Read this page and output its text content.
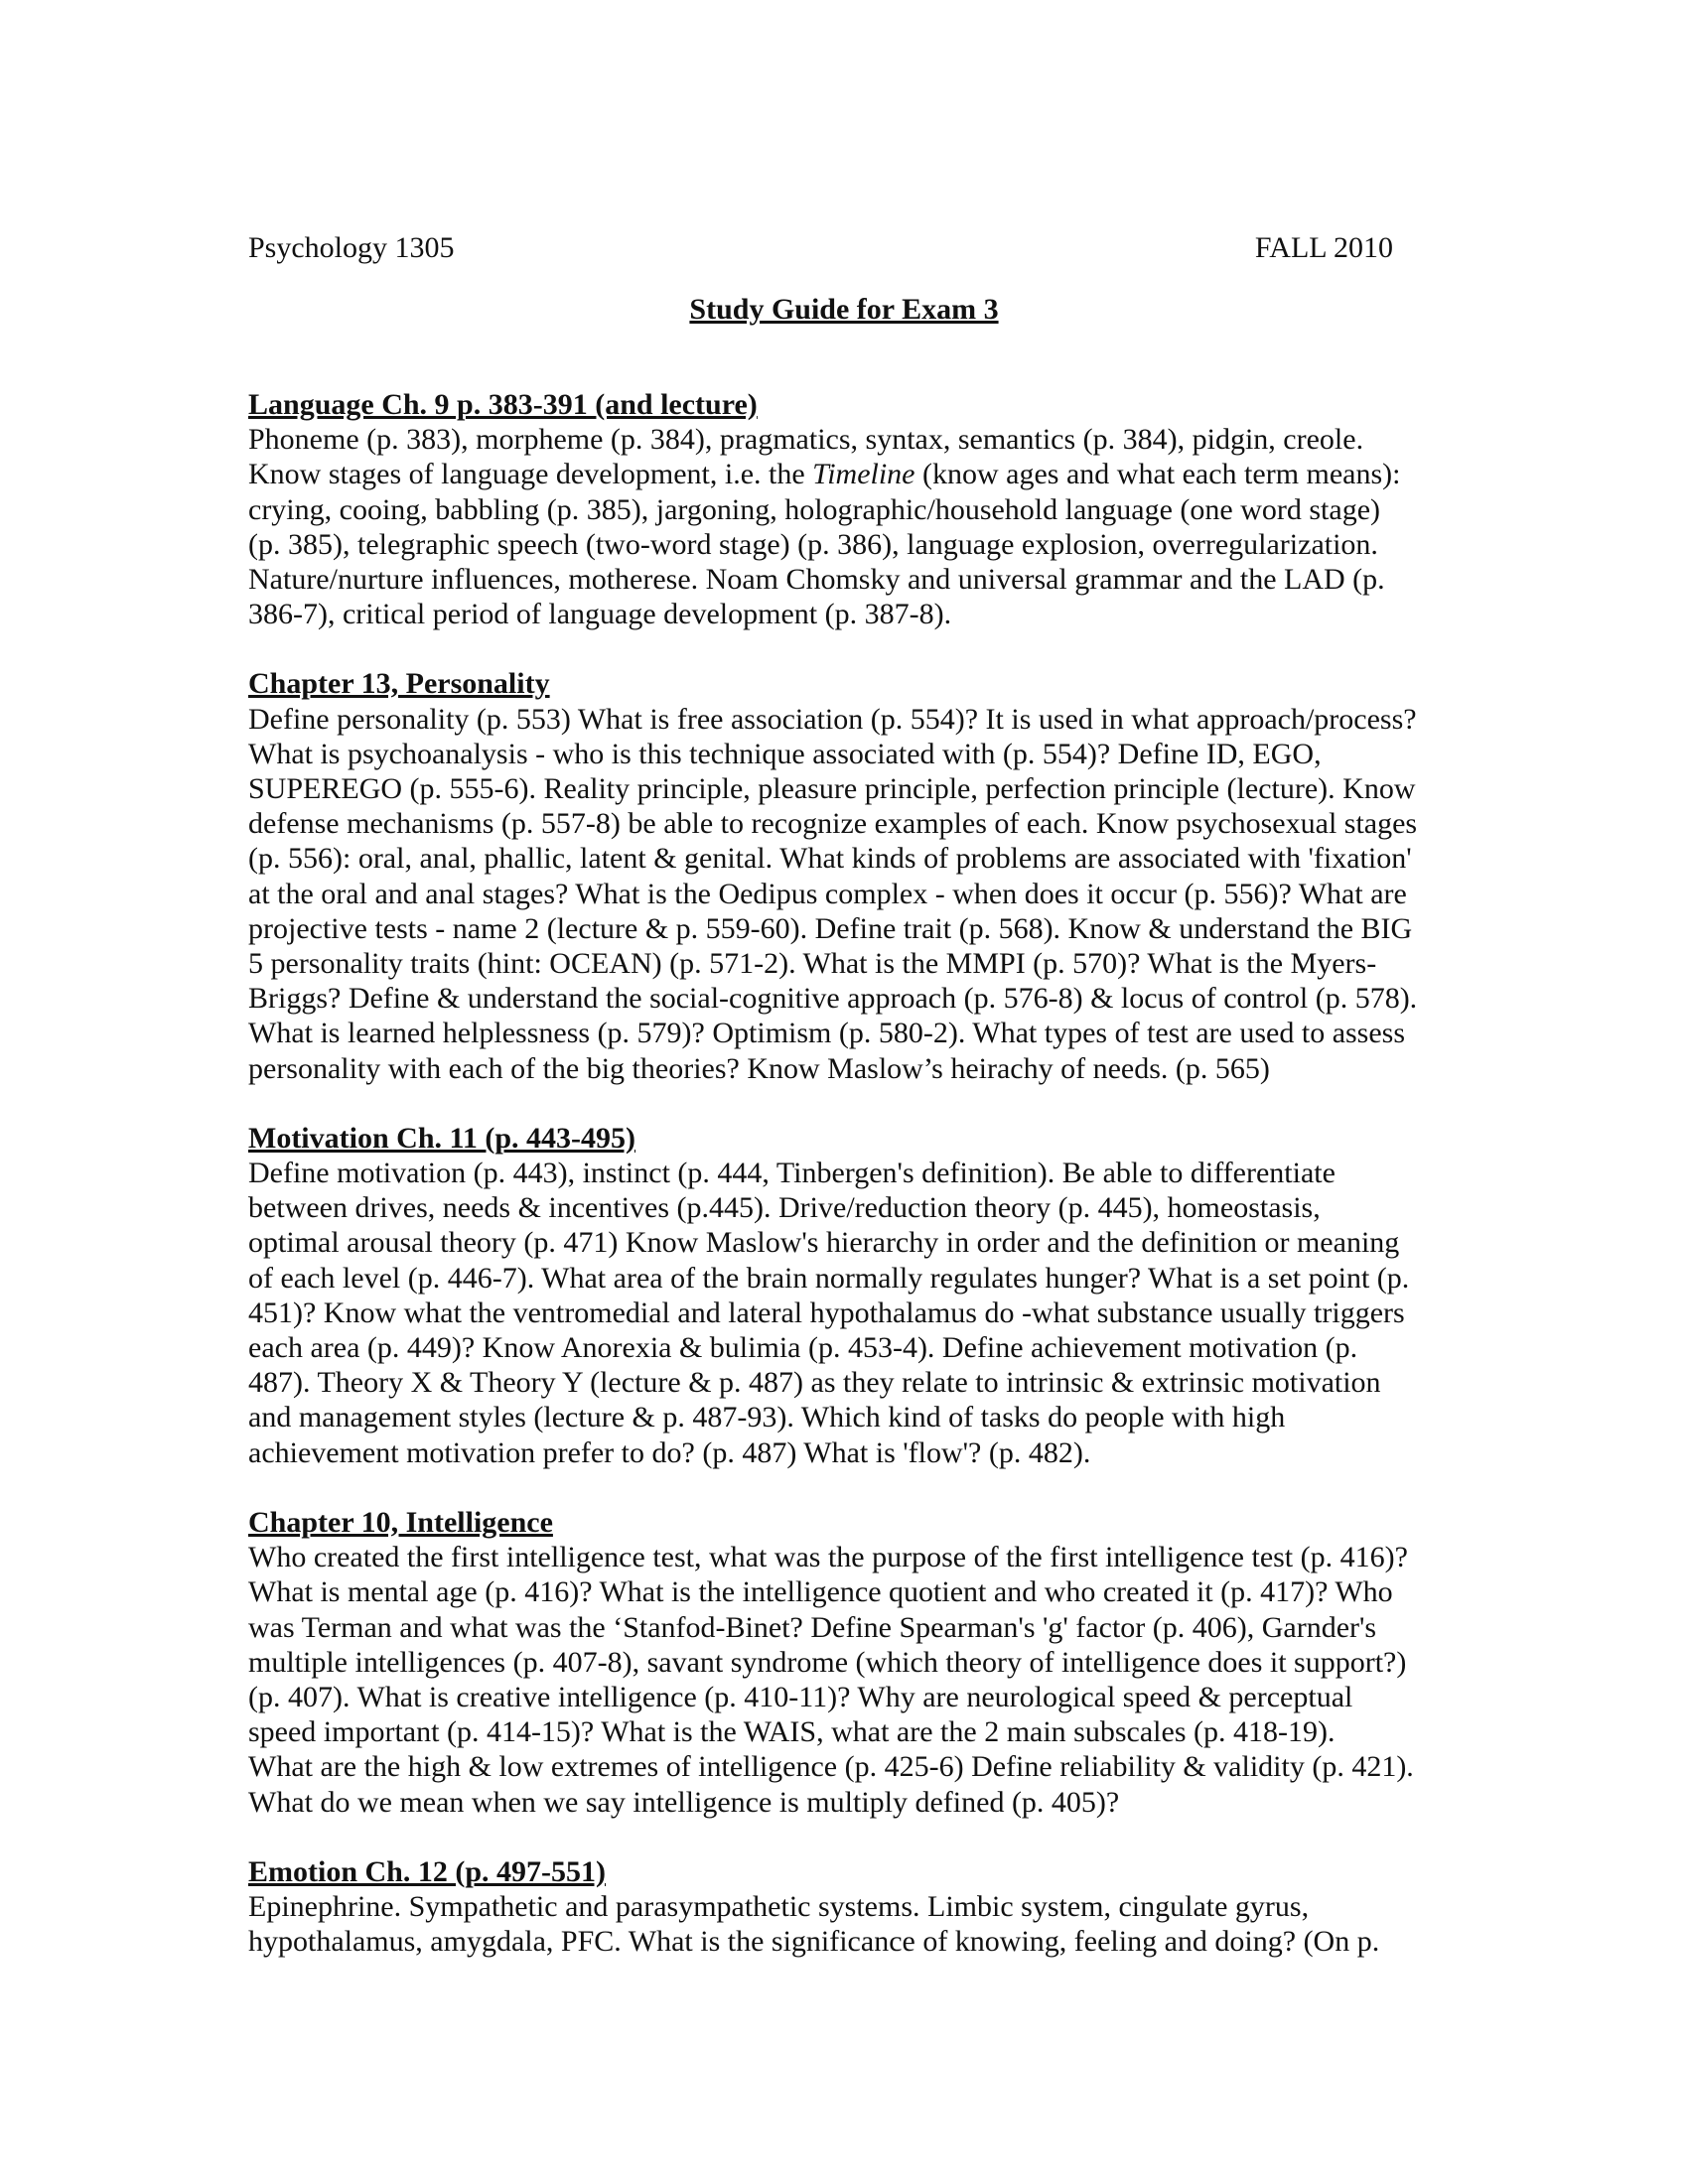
Psychology 1305	FALL 2010
Study Guide for Exam 3

Language Ch. 9 p. 383-391 (and lecture)

Phoneme (p. 383), morpheme (p. 384), pragmatics, syntax, semantics (p. 384), pidgin, creole.

Know stages of language development, i.e. the Timeline (know ages and what each term means):

crying, cooing, babbling (p. 385), jargoning, holographic/household language (one word stage)

(p. 385), telegraphic speech (two-word stage) (p. 386), language explosion, overregularization.

Nature/nurture influences, motherese. Noam Chomsky and universal grammar and the LAD (p.

386-7), critical period of language development (p. 387-8).

Chapter 13, Personality

Define personality (p. 553) What is free association (p. 554)? It is used in what approach/process?

What is psychoanalysis - who is this technique associated with (p. 554)? Define ID, EGO,

SUPEREGO (p. 555-6). Reality principle, pleasure principle, perfection principle (lecture). Know

defense mechanisms (p. 557-8) be able to recognize examples of each. Know psychosexual stages

(p. 556): oral, anal, phallic, latent & genital. What kinds of problems are associated with 'fixation'

at the oral and anal stages? What is the Oedipus complex - when does it occur (p. 556)? What are

projective tests - name 2 (lecture & p. 559-60). Define trait (p. 568). Know & understand the BIG

5 personality traits (hint: OCEAN) (p. 571-2). What is the MMPI (p. 570)? What is the Myers-

Briggs? Define & understand the social-cognitive approach (p. 576-8) & locus of control (p. 578).

What is learned helplessness (p. 579)? Optimism (p. 580-2). What types of test are used to assess

personality with each of the big theories? Know Maslow’s heirachy of needs. (p. 565)

Motivation Ch. 11 (p. 443-495)

Define motivation (p. 443), instinct (p. 444, Tinbergen's definition). Be able to differentiate

between drives, needs & incentives (p.445). Drive/reduction theory (p. 445), homeostasis,

optimal arousal theory (p. 471) Know Maslow's hierarchy in order and the definition or meaning

of each level (p. 446-7). What area of the brain normally regulates hunger? What is a set point (p.

451)? Know what the ventromedial and lateral hypothalamus do -what substance usually triggers

each area (p. 449)? Know Anorexia & bulimia (p. 453-4). Define achievement motivation (p.

487). Theory X & Theory Y (lecture & p. 487) as they relate to intrinsic & extrinsic motivation

and management styles (lecture & p. 487-93). Which kind of tasks do people with high

achievement motivation prefer to do? (p. 487) What is 'flow'? (p. 482).

Chapter 10, Intelligence

Who created the first intelligence test, what was the purpose of the first intelligence test (p. 416)?

What is mental age (p. 416)? What is the intelligence quotient and who created it (p. 417)? Who

was Terman and what was the ‘Stanfod-Binet? Define Spearman's 'g' factor (p. 406), Garnder's

multiple intelligences (p. 407-8), savant syndrome (which theory of intelligence does it support?)

(p. 407). What is creative intelligence (p. 410-11)? Why are neurological speed & perceptual

speed important (p. 414-15)? What is the WAIS, what are the 2 main subscales (p. 418-19).

What are the high & low extremes of intelligence (p. 425-6) Define reliability & validity (p. 421).

What do we mean when we say intelligence is multiply defined (p. 405)?

Emotion Ch. 12 (p. 497-551)

Epinephrine. Sympathetic and parasympathetic systems. Limbic system, cingulate gyrus,

hypothalamus, amygdala, PFC. What is the significance of knowing, feeling and doing? (On p.
